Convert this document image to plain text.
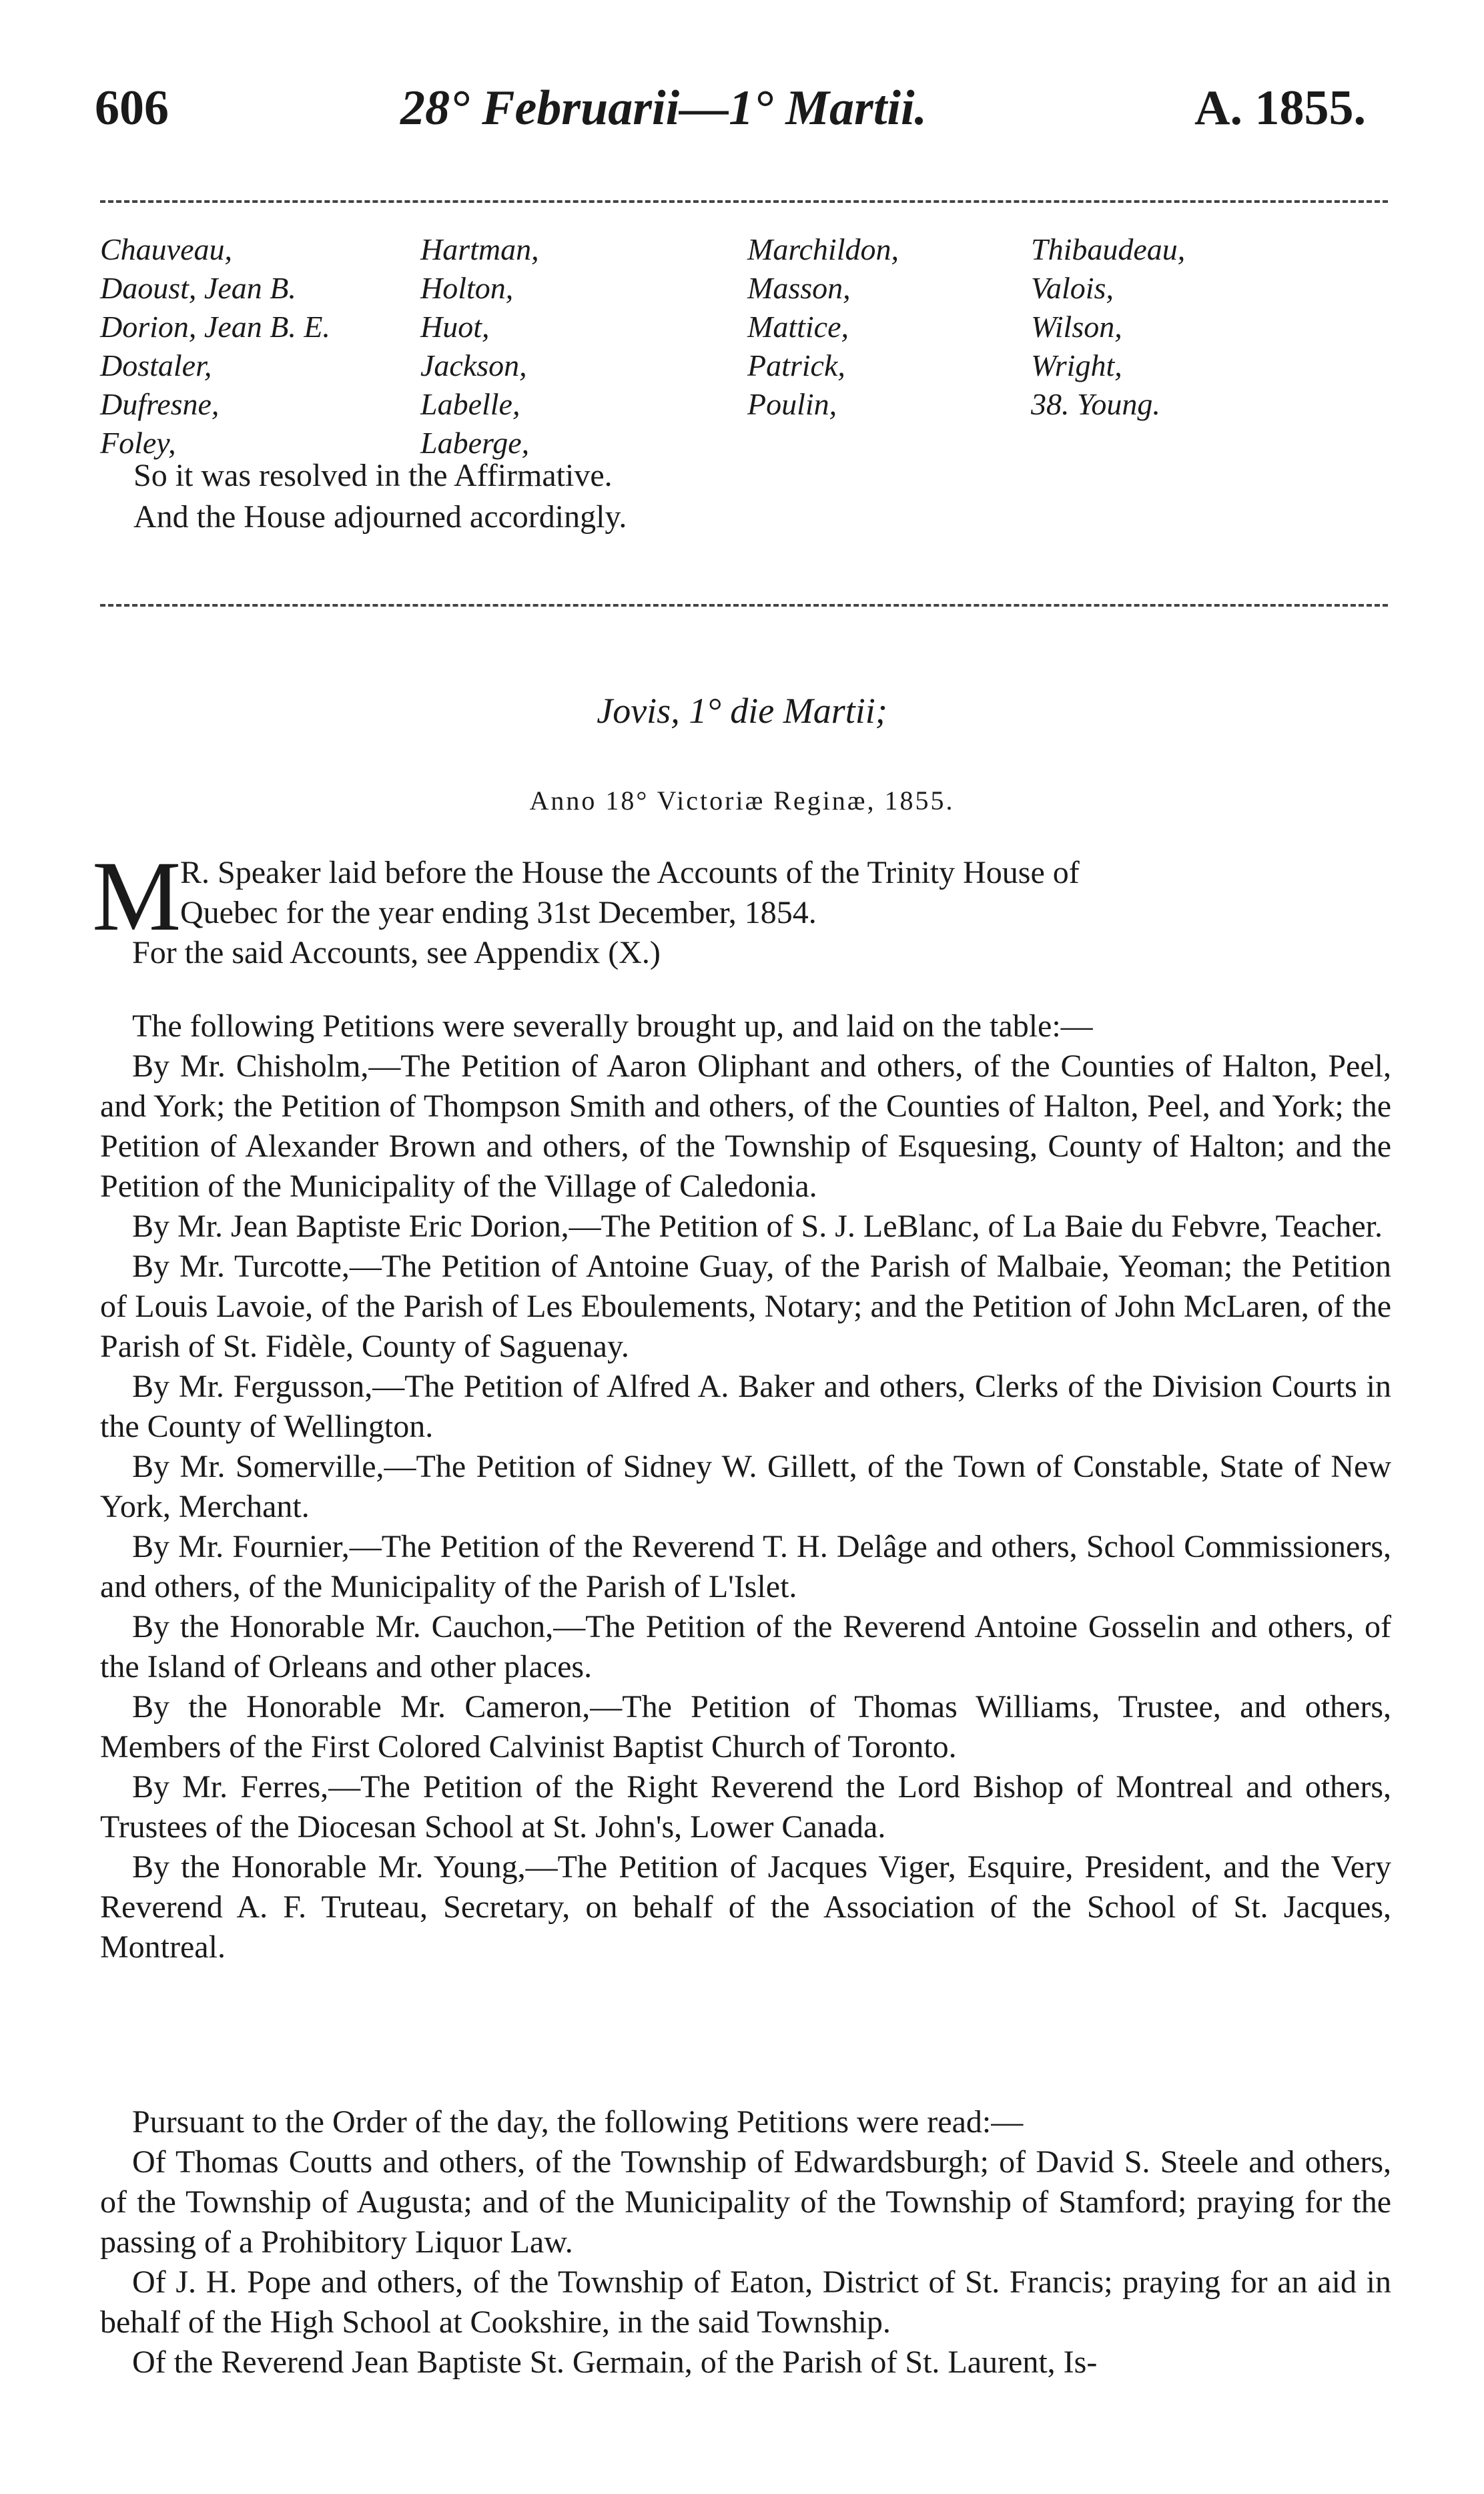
606	28° Februarii—1° Martii.	A. 1855.
Chauveau,
Daoust, Jean B.
Dorion, Jean B. E.
Dostaler,
Dufresne,
Foley,
Hartman,
Holton,
Huot,
Jackson,
Labelle,
Laberge,
Marchildon,
Masson,
Mattice,
Patrick,
Poulin,
Thibaudeau,
Valois,
Wilson,
Wright,
38. Young.
So it was resolved in the Affirmative.
And the House adjourned accordingly.
Jovis, 1° die Martii;
Anno 18° Victoriæ Reginæ, 1855.
M
R. Speaker laid before the House the Accounts of the Trinity House of
Quebec for the year ending 31st December, 1854.

For the said Accounts, see Appendix (X.)

The following Petitions were severally brought up, and laid on the table:—

By Mr. Chisholm,—The Petition of Aaron Oliphant and others, of the Counties of Halton, Peel, and York; the Petition of Thompson Smith and others, of the Counties of Halton, Peel, and York; the Petition of Alexander Brown and others, of the Township of Esquesing, County of Halton; and the Petition of the Municipality of the Village of Caledonia.

By Mr. Jean Baptiste Eric Dorion,—The Petition of S. J. LeBlanc, of La Baie du Febvre, Teacher.

By Mr. Turcotte,—The Petition of Antoine Guay, of the Parish of Malbaie, Yeoman; the Petition of Louis Lavoie, of the Parish of Les Eboulements, Notary; and the Petition of John McLaren, of the Parish of St. Fidèle, County of Saguenay.

By Mr. Fergusson,—The Petition of Alfred A. Baker and others, Clerks of the Division Courts in the County of Wellington.

By Mr. Somerville,—The Petition of Sidney W. Gillett, of the Town of Constable, State of New York, Merchant.

By Mr. Fournier,—The Petition of the Reverend T. H. Delâge and others, School Commissioners, and others, of the Municipality of the Parish of L'Islet.

By the Honorable Mr. Cauchon,—The Petition of the Reverend Antoine Gosselin and others, of the Island of Orleans and other places.

By the Honorable Mr. Cameron,—The Petition of Thomas Williams, Trustee, and others, Members of the First Colored Calvinist Baptist Church of Toronto.

By Mr. Ferres,—The Petition of the Right Reverend the Lord Bishop of Montreal and others, Trustees of the Diocesan School at St. John's, Lower Canada.

By the Honorable Mr. Young,—The Petition of Jacques Viger, Esquire, President, and the Very Reverend A. F. Truteau, Secretary, on behalf of the Association of the School of St. Jacques, Montreal.

Pursuant to the Order of the day, the following Petitions were read:—

Of Thomas Coutts and others, of the Township of Edwardsburgh; of David S. Steele and others, of the Township of Augusta; and of the Municipality of the Township of Stamford; praying for the passing of a Prohibitory Liquor Law.

Of J. H. Pope and others, of the Township of Eaton, District of St. Francis; praying for an aid in behalf of the High School at Cookshire, in the said Township.

Of the Reverend Jean Baptiste St. Germain, of the Parish of St. Laurent, Is-
